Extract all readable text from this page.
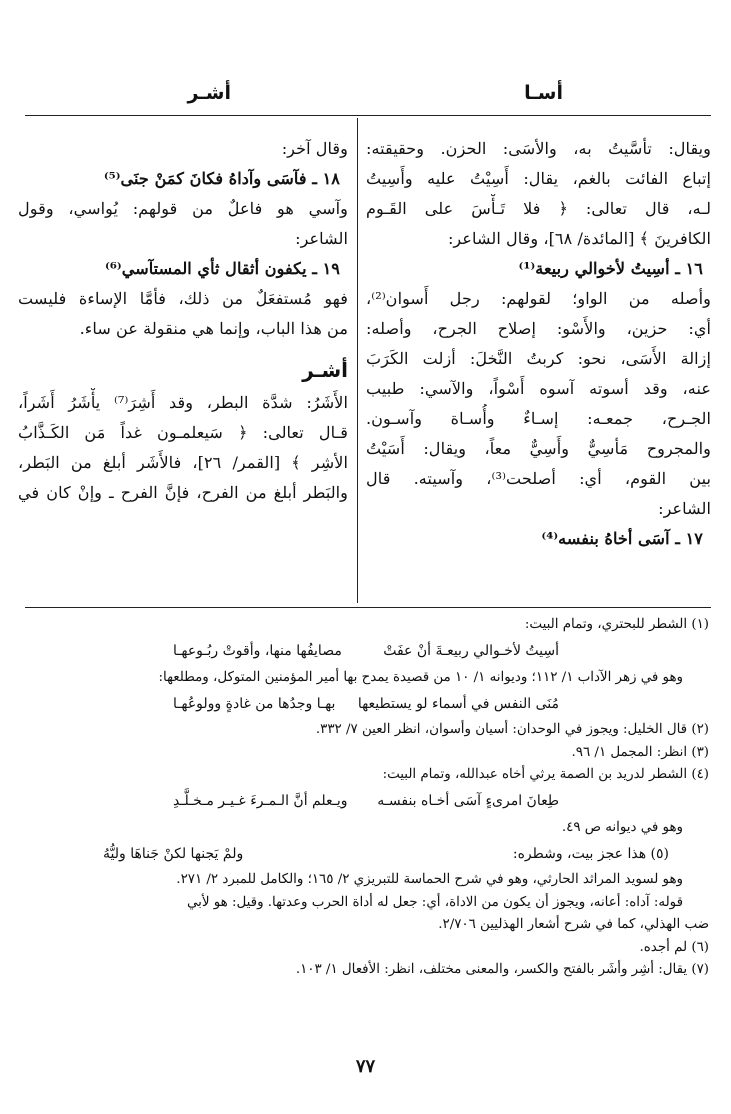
أسـا
أشـر
ويقال: تأسَّيتُ به، والأسَى: الحزن. وحقيقته:
إتباع الفائت بالغم، يقال: أَسِيْتُ عليه وأَسِيتُ
لـه، قال تعالى: ﴿ فلا تَـأْسَ على القَـوم
الكافرينَ ﴾ [المائدة/ ٦٨]، وقال الشاعر:
١٦ ـ أسِيتُ لأخوالي ربيعة⁽¹⁾
وأصله من الواو؛ لقولهم: رجل أَسوان⁽²⁾،
أي: حزين، والأَسْو: إصلاح الجرح، وأصله:
إزالة الأَسَى، نحو: كربتُ النَّخلَ: أزلت الكَرَبَ
عنه، وقد أسوته آسوه أَسْواً، والآسي: طبيب
الجـرح، جمعـه: إسـاءٌ وأُسـاة وآسـون.
والمجروح مَأسِيٌّ وأَسِيٌّ معاً، ويقال: أَسَيْتُ
بين القوم، أي: أصلحت⁽³⁾، وآسيته. قال
الشاعر:
١٧ ـ آسَى أخاهُ بنفسه⁽⁴⁾
وقال آخر:
١٨ ـ فآسَى وآداهُ فكانَ كمَنْ جنَى⁽⁵⁾
وآسي هو فاعلٌ من قولهم: يُواسي، وقول
الشاعر:
١٩ ـ يكفون أثقال ثأي المستآسي⁽⁶⁾
فهو مُستفعَلٌ من ذلك، فأمَّا الإساءة فليست
من هذا الباب، وإنما هي منقولة عن ساء.
أشـر
الأَشَرُ: شدَّة البطر، وقد أَشِرَ⁽⁷⁾ يأْشَرُ أَشَراً،
قـال تعالى: ﴿ سَيعلمـون غداً مَن الكَـذَّابُ
الأشِر ﴾ [القمر/ ٢٦]، فالأَشَر أبلغ من البَطر،
والبَطر أبلغ من الفرح، فإنَّ الفرح ـ وإنْ كان في
(١) الشطر للبحتري، وتمام البيت:
أسِيتُ لأخـوالي ربيعـةَ أنْ عفَتْ
مصايفُها منها، وأقوتْ ربُـوعهـا
وهو في زهر الآداب ١/ ١١٢؛ وديوانه ١/ ١٠ من قصيدة يمدح بها أمير المؤمنين المتوكل، ومطلعها:
مُنَى النفس في أسماء لو يستطيعها
بهـا وجدُها من غادةٍ وولوعُهـا
(٢) قال الخليل: ويجوز في الوحدان: أسيان وأسوان، انظر العين ٧/ ٣٣٢.
(٣) انظر: المجمل ١/ ٩٦.
(٤) الشطر لدريد بن الصمة يرثي أخاه عبدالله، وتمام البيت:
طِعانَ امرىءٍ آسَى أخـاه بنفسـه
ويـعلم أنَّ الـمـرءَ غـيـر مـخـلَّـدِ
وهو في ديوانه ص ٤٩.
(٥) هذا عجز بيت، وشطره:
ولمْ يَجنها لكنْ جَناهَا وليُّهُ
وهو لسويد المراثد الحارثي، وهو في شرح الحماسة للتبريزي ٢/ ١٦٥؛ والكامل للمبرد ٢/ ٢٧١.
قوله: آداه: أعانه، ويجوز أن يكون من الاداة، أي: جعل له أداة الحرب وعدتها. وقيل: هو لأبي
ضب الهذلي، كما في شرح أشعار الهذليين ٢/٧٠٦.
(٦) لم أجده.
(٧) يقال: أَشِر وأَشَر بالفتح والكسر، والمعنى مختلف، انظر: الأفعال ١/ ١٠٣.
٧٧
